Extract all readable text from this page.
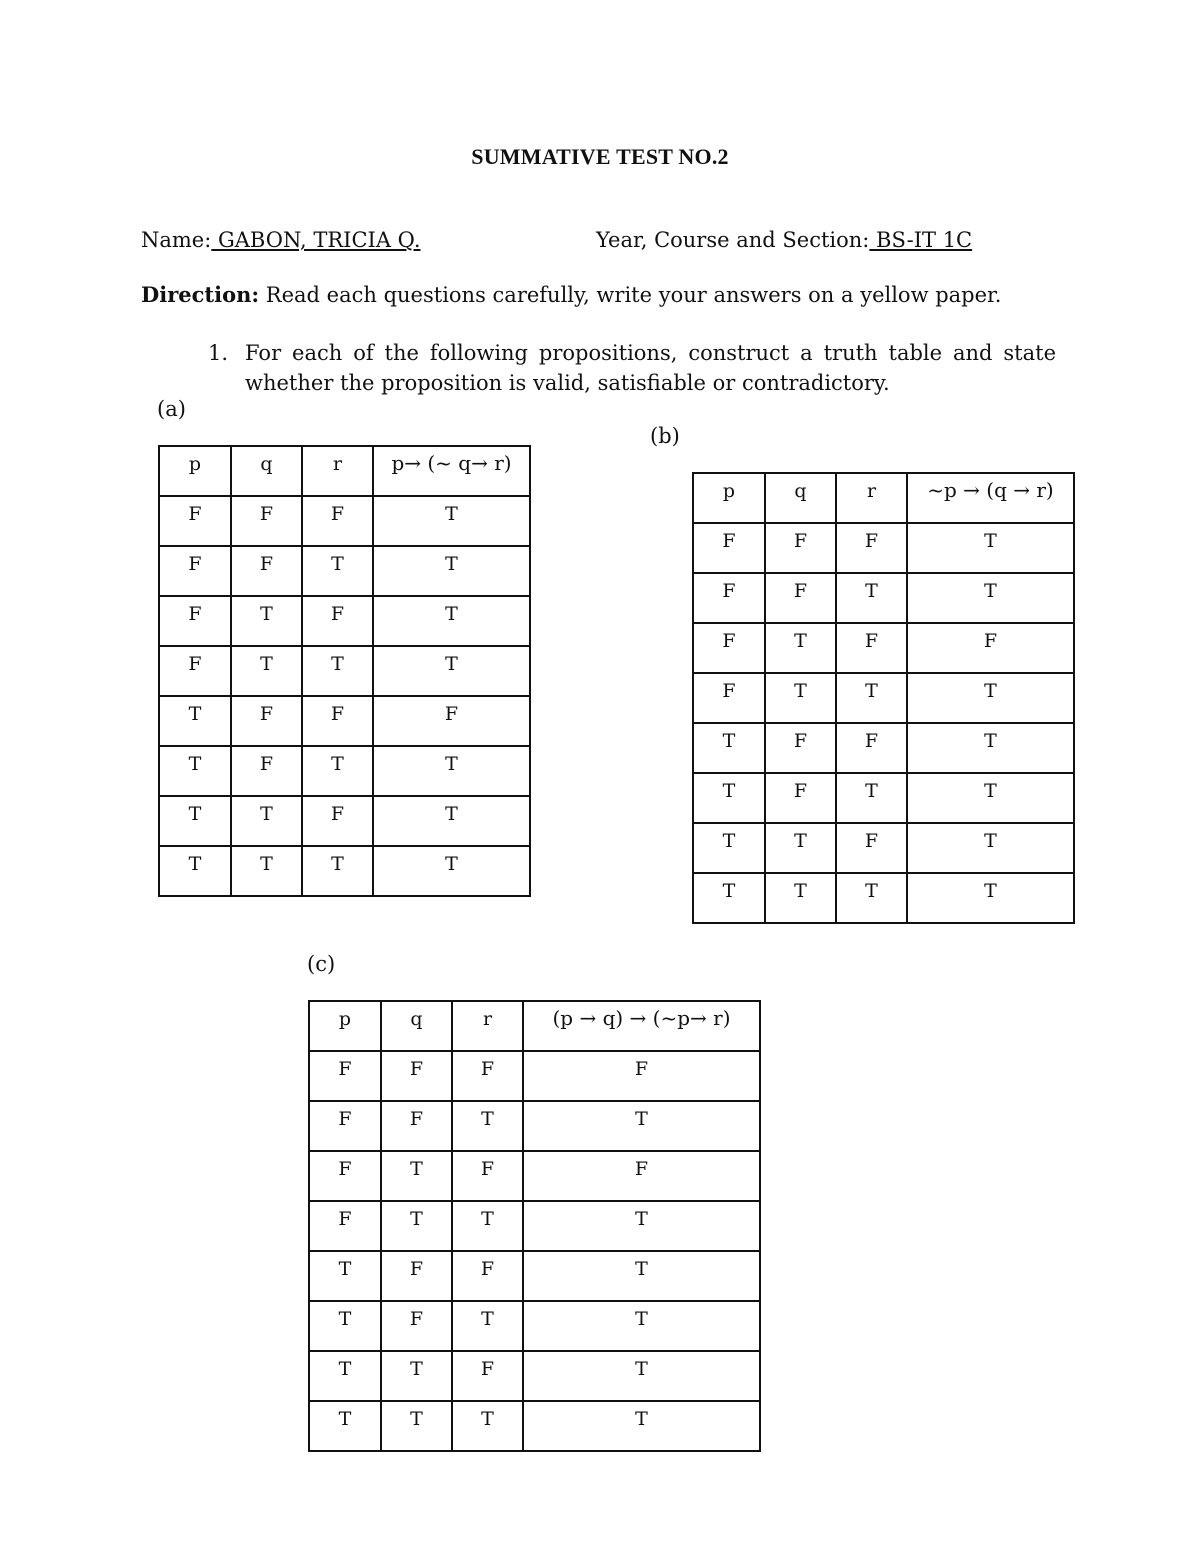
SUMMATIVE TEST NO.2
Name: GABON, TRICIA Q.	Year, Course and Section: BS-IT 1C
Direction: Read each questions carefully, write your answers on a yellow paper.
1. For each of the following propositions, construct a truth table and state whether the proposition is valid, satisfiable or contradictory.
(a)
p	q	r	p→ (~ q→ r)

F	F	F	T

F	F	T	T

F	T	F	T

F	T	T	T

T	F	F	F

T	F	T	T

T	T	F	T

T	T	T	T
(b)
p	q	r	~p → (q → r)

F	F	F	T

F	F	T	T

F	T	F	F

F	T	T	T

T	F	F	T

T	F	T	T

T	T	F	T

T	T	T	T
(c)
p	q	r	(p → q) → (~p→ r)

F	F	F	F

F	F	T	T

F	T	F	F

F	T	T	T

T	F	F	T

T	F	T	T

T	T	F	T

T	T	T	T
